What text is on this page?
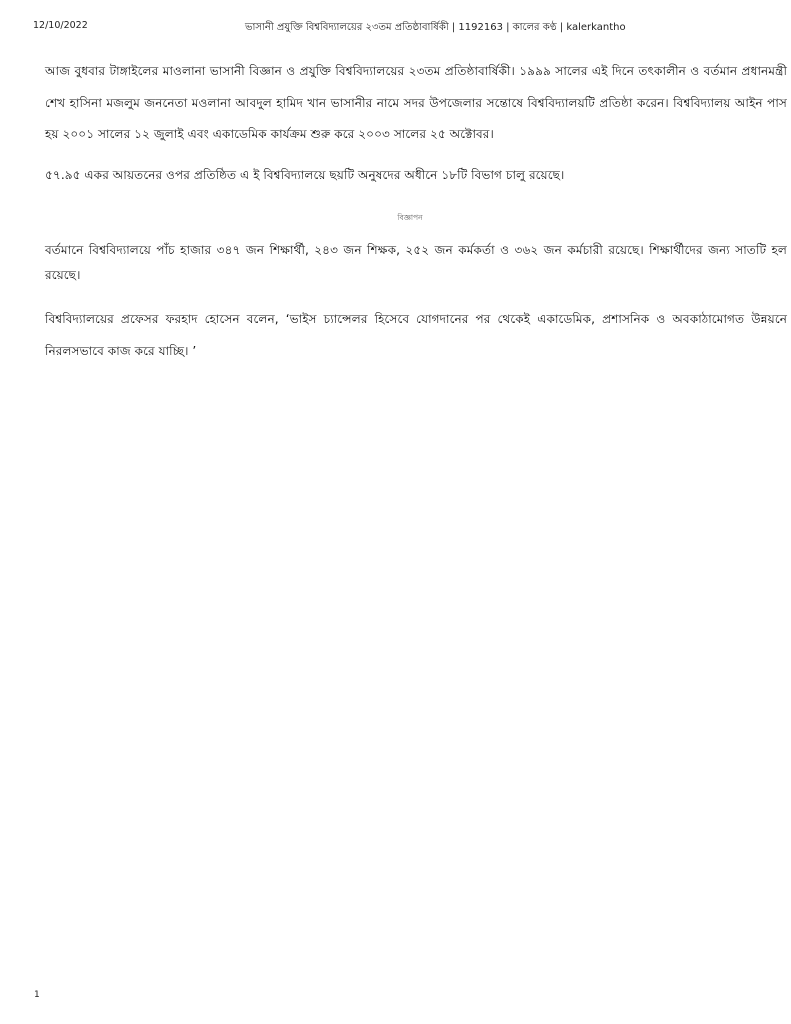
12/10/2022	ভাসানী প্রযুক্তি বিশ্ববিদ্যালয়ের ২৩তম প্রতিষ্ঠাবার্ষিকী | 1192163 | কালের কণ্ঠ | kalerkantho

আজ বুধবার টাঙ্গাইলের মাওলানা ভাসানী বিজ্ঞান ও প্রযুক্তি বিশ্ববিদ্যালয়ের ২৩তম প্রতিষ্ঠাবার্ষিকী। ১৯৯৯ সালের এই দিনে তৎকালীন ও বর্তমান প্রধানমন্ত্রী শেখ হাসিনা মজলুম জননেতা মওলানা আবদুল হামিদ খান ভাসানীর নামে সদর উপজেলার সন্তোষে বিশ্ববিদ্যালয়টি প্রতিষ্ঠা করেন। বিশ্ববিদ্যালয় আইন পাস হয় ২০০১ সালের ১২ জুলাই এবং একাডেমিক কার্যক্রম শুরু করে ২০০৩ সালের ২৫ অক্টোবর।

৫৭.৯৫ একর আয়তনের ওপর প্রতিষ্ঠিত এ ই বিশ্ববিদ্যালয়ে ছয়টি অনুষদের অধীনে ১৮টি বিভাগ চালু রয়েছে।

বিজ্ঞাপন

বর্তমানে বিশ্ববিদ্যালয়ে পাঁচ হাজার ৩৪৭ জন শিক্ষার্থী, ২৪৩ জন শিক্ষক, ২৫২ জন কর্মকর্তা ও ৩৬২ জন কর্মচারী রয়েছে। শিক্ষার্থীদের জন্য সাতটি হল রয়েছে।

বিশ্ববিদ্যালয়ের প্রফেসর ফরহাদ হোসেন বলেন, ‘ভাইস চ্যান্সেলর হিসেবে যোগদানের পর থেকেই একাডেমিক, প্রশাসনিক ও অবকাঠামোগত উন্নয়নে নিরলসভাবে কাজ করে যাচ্ছি। ’

1
